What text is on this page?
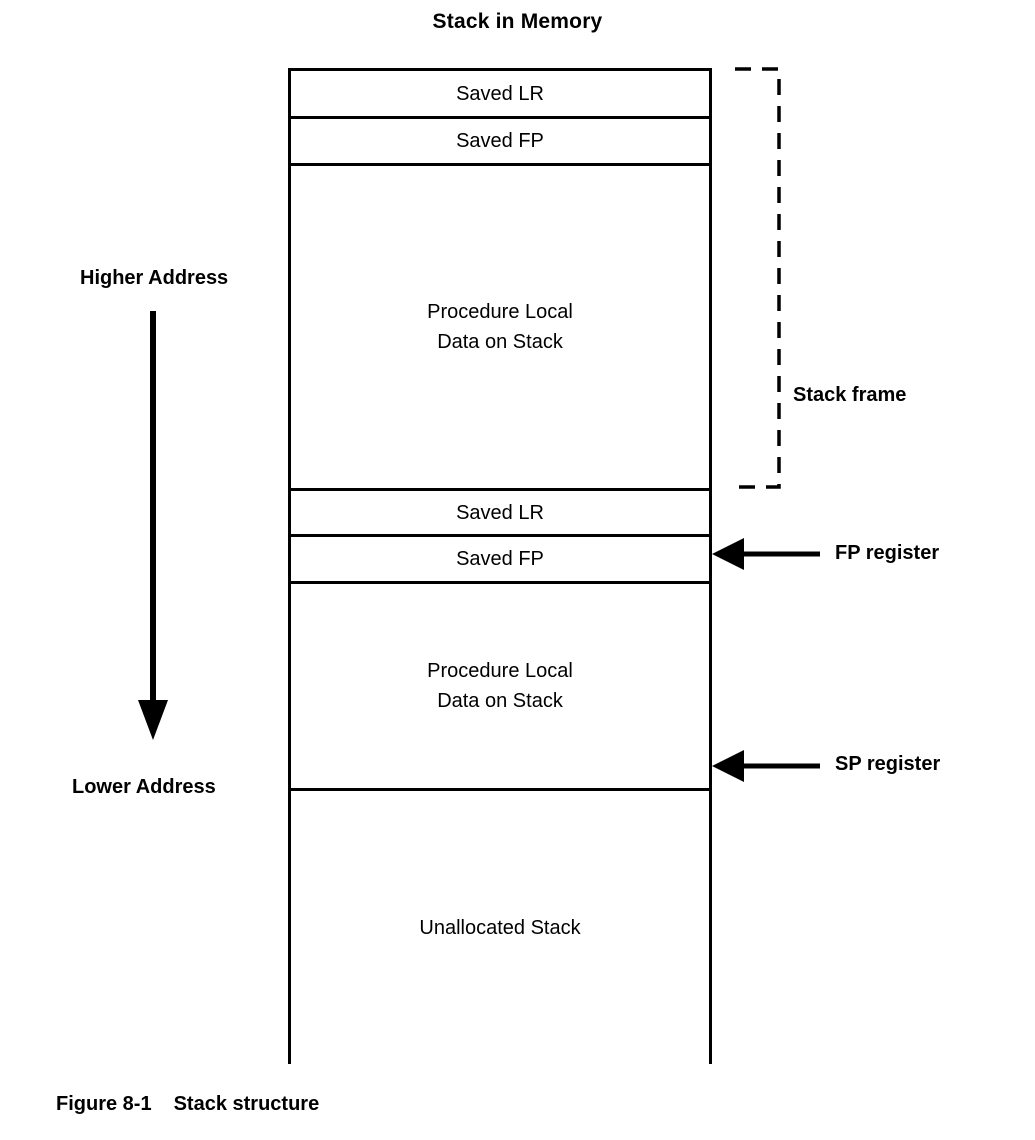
Stack in Memory
Saved LR
Saved FP
Procedure Local
Data on Stack
Saved LR
Saved FP
Procedure Local
Data on Stack
Unallocated Stack
Higher Address
Lower Address
Stack frame
FP register
SP register
Figure 8-1 Stack structure
